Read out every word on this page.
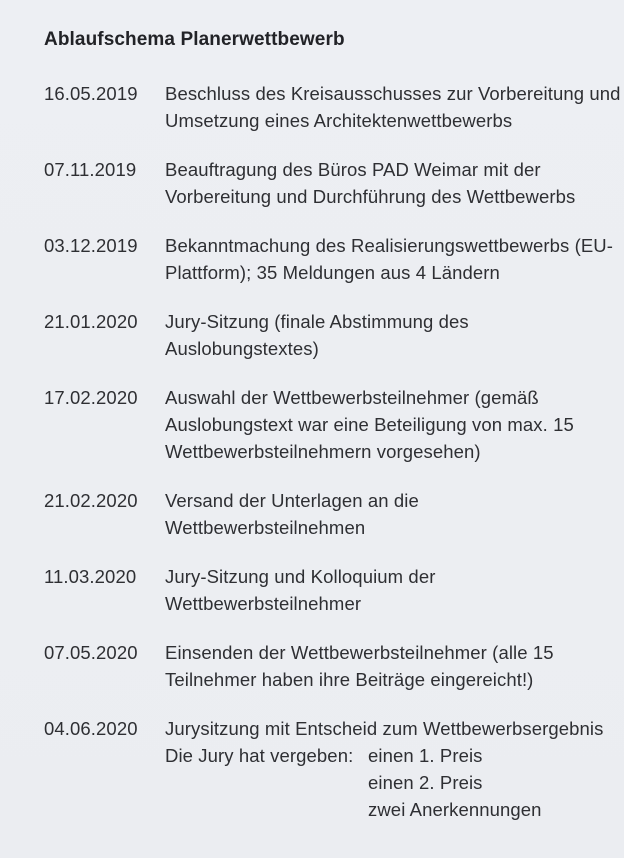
Ablaufschema Planerwettbewerb
16.05.2019	Beschluss des Kreisausschusses zur Vorbereitung und
Umsetzung eines Architektenwettbewerbs
07.11.2019	Beauftragung des Büros PAD Weimar mit der
Vorbereitung und Durchführung des Wettbewerbs
03.12.2019	Bekanntmachung des Realisierungswettbewerbs (EU-
Plattform); 35 Meldungen aus 4 Ländern
21.01.2020	Jury-Sitzung (finale Abstimmung des
Auslobungstextes)
17.02.2020	Auswahl der Wettbewerbsteilnehmer (gemäß
Auslobungstext war eine Beteiligung von max. 15
Wettbewerbsteilnehmern vorgesehen)
21.02.2020	Versand der Unterlagen an die
Wettbewerbsteilnehmen
11.03.2020	Jury-Sitzung und Kolloquium der
Wettbewerbsteilnehmer
07.05.2020	Einsenden der Wettbewerbsteilnehmer (alle 15
Teilnehmer haben ihre Beiträge eingereicht!)
04.06.2020	Jurysitzung mit Entscheid zum Wettbewerbsergebnis
Die Jury hat vergeben: einen 1. Preis
einen 2. Preis
zwei Anerkennungen
